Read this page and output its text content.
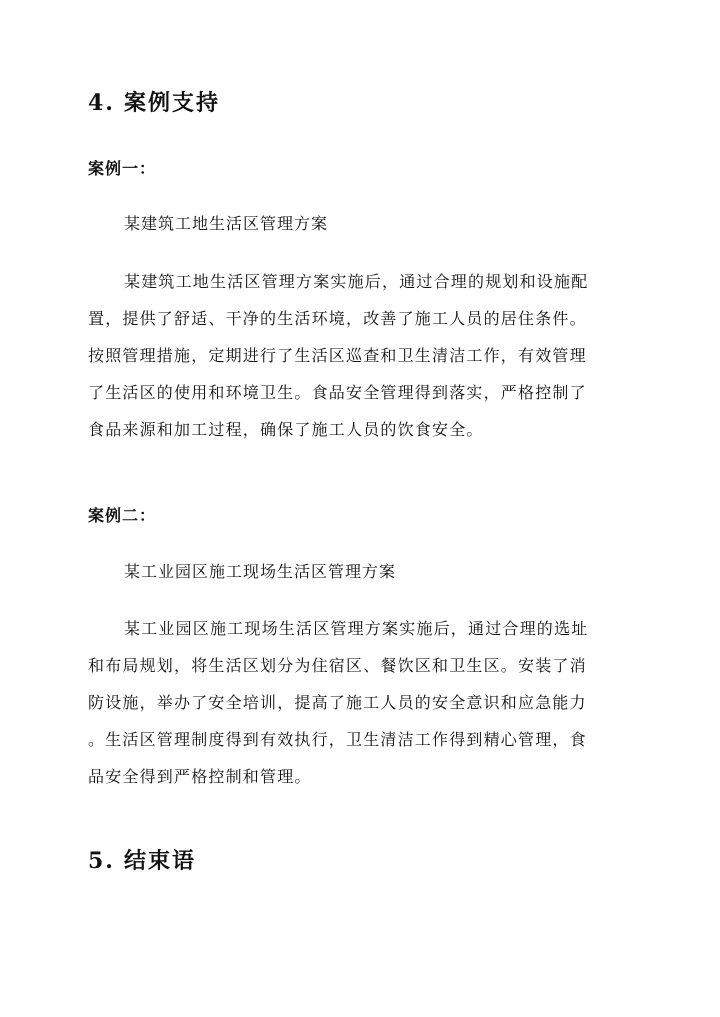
4. 案例支持
案例一：
某建筑工地生活区管理方案
某建筑工地生活区管理方案实施后，通过合理的规划和设施配
置，提供了舒适、干净的生活环境，改善了施工人员的居住条件。
按照管理措施，定期进行了生活区巡查和卫生清洁工作，有效管理
了生活区的使用和环境卫生。食品安全管理得到落实，严格控制了
食品来源和加工过程，确保了施工人员的饮食安全。
案例二：
某工业园区施工现场生活区管理方案
某工业园区施工现场生活区管理方案实施后，通过合理的选址
和布局规划，将生活区划分为住宿区、餐饮区和卫生区。安装了消
防设施，举办了安全培训，提高了施工人员的安全意识和应急能力
。生活区管理制度得到有效执行，卫生清洁工作得到精心管理，食
品安全得到严格控制和管理。
5. 结束语
